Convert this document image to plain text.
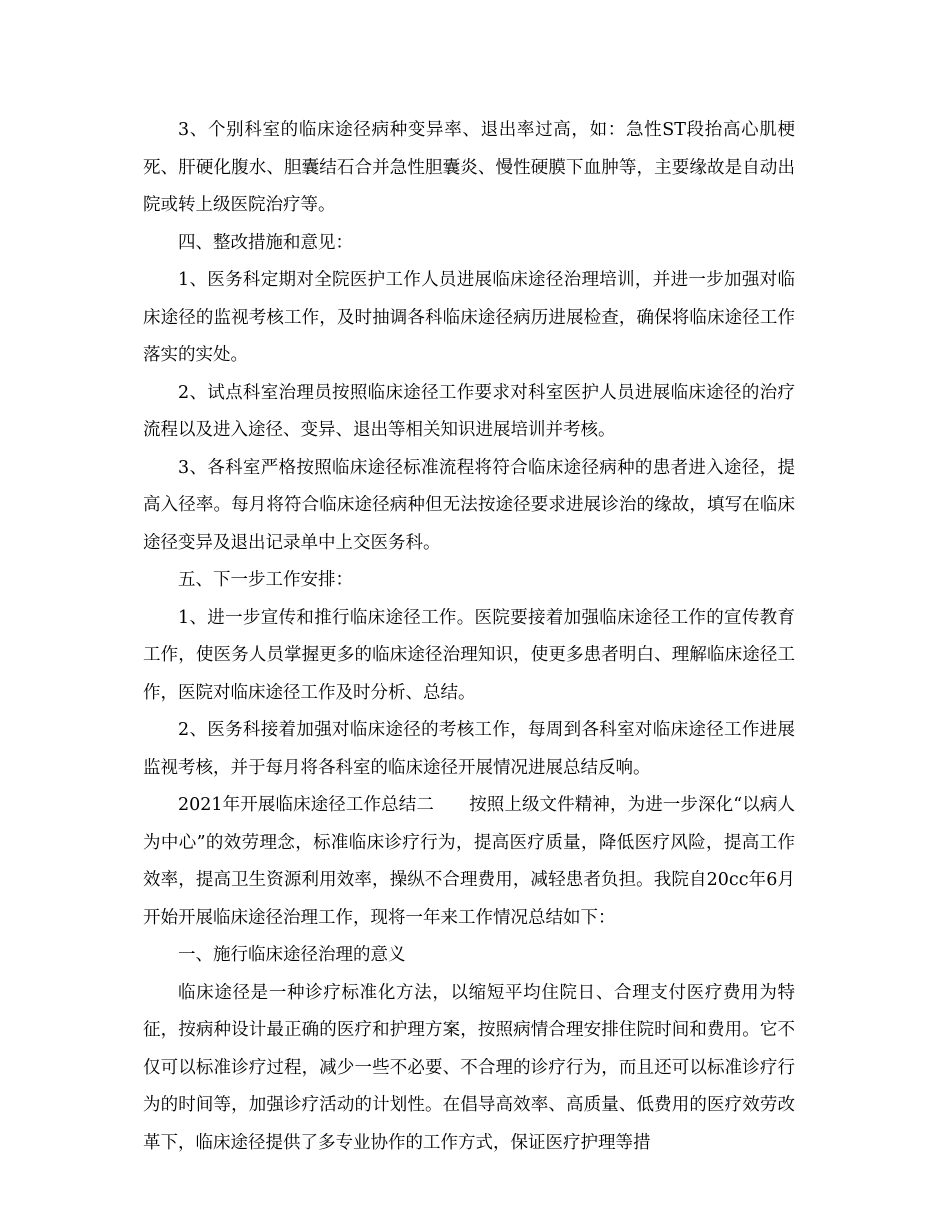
3、个别科室的临床途径病种变异率、退出率过高，如：急性ST段抬高心肌梗死、肝硬化腹水、胆囊结石合并急性胆囊炎、慢性硬膜下血肿等，主要缘故是自动出院或转上级医院治疗等。

四、整改措施和意见：

1、医务科定期对全院医护工作人员进展临床途径治理培训，并进一步加强对临床途径的监视考核工作，及时抽调各科临床途径病历进展检查，确保将临床途径工作落实的实处。

2、试点科室治理员按照临床途径工作要求对科室医护人员进展临床途径的治疗流程以及进入途径、变异、退出等相关知识进展培训并考核。

3、各科室严格按照临床途径标准流程将符合临床途径病种的患者进入途径，提高入径率。每月将符合临床途径病种但无法按途径要求进展诊治的缘故，填写在临床途径变异及退出记录单中上交医务科。

五、下一步工作安排：

1、进一步宣传和推行临床途径工作。医院要接着加强临床途径工作的宣传教育工作，使医务人员掌握更多的临床途径治理知识，使更多患者明白、理解临床途径工作，医院对临床途径工作及时分析、总结。

2、医务科接着加强对临床途径的考核工作，每周到各科室对临床途径工作进展监视考核，并于每月将各科室的临床途径开展情况进展总结反响。

2021年开展临床途径工作总结二　　按照上级文件精神，为进一步深化“以病人为中心”的效劳理念，标准临床诊疗行为，提高医疗质量，降低医疗风险，提高工作效率，提高卫生资源利用效率，操纵不合理费用，减轻患者负担。我院自20cc年6月开始开展临床途径治理工作，现将一年来工作情况总结如下：

一、施行临床途径治理的意义

临床途径是一种诊疗标准化方法，以缩短平均住院日、合理支付医疗费用为特征，按病种设计最正确的医疗和护理方案，按照病情合理安排住院时间和费用。它不仅可以标准诊疗过程，减少一些不必要、不合理的诊疗行为，而且还可以标准诊疗行为的时间等，加强诊疗活动的计划性。在倡导高效率、高质量、低费用的医疗效劳改革下，临床途径提供了多专业协作的工作方式，保证医疗护理等措
